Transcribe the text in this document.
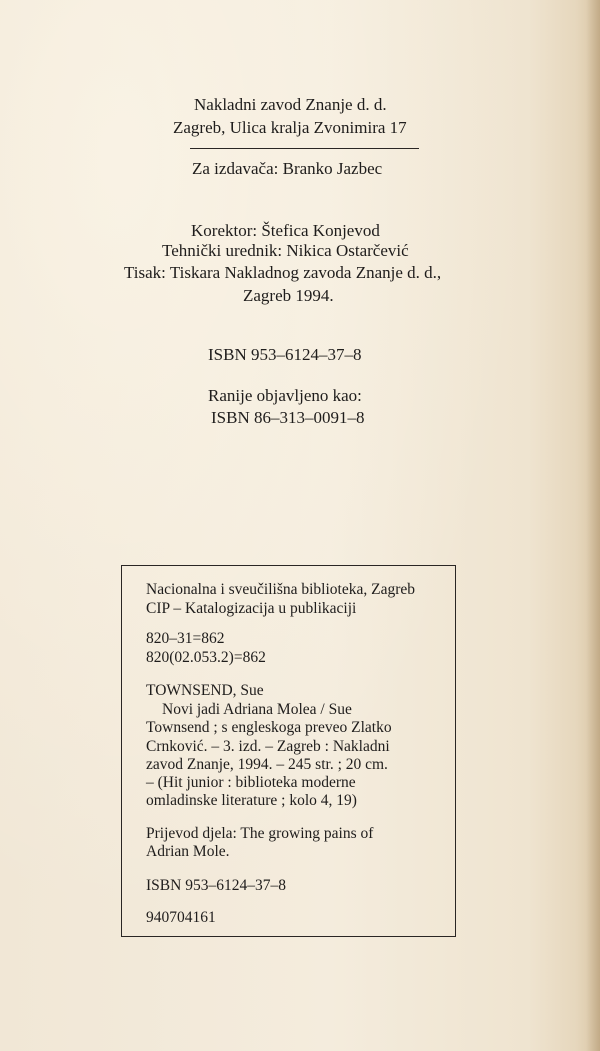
Nakladni zavod Znanje d. d.
Zagreb, Ulica kralja Zvonimira 17
Za izdavača: Branko Jazbec
Korektor: Štefica Konjevod
Tehnički urednik: Nikica Ostarčević
Tisak: Tiskara Nakladnog zavoda Znanje d. d.,
Zagreb 1994.
ISBN 953–6124–37–8
Ranije objavljeno kao:
ISBN 86–313–0091–8
Nacionalna i sveučilišna biblioteka, Zagreb
CIP – Katalogizacija u publikaciji
820–31=862
820(02.053.2)=862
TOWNSEND, Sue
Novi jadi Adriana Molea / Sue
Townsend ; s engleskoga preveo Zlatko
Crnković. – 3. izd. – Zagreb : Nakladni
zavod Znanje, 1994. – 245 str. ; 20 cm.
– (Hit junior : biblioteka moderne
omladinske literature ; kolo 4, 19)
Prijevod djela: The growing pains of
Adrian Mole.
ISBN 953–6124–37–8
940704161
